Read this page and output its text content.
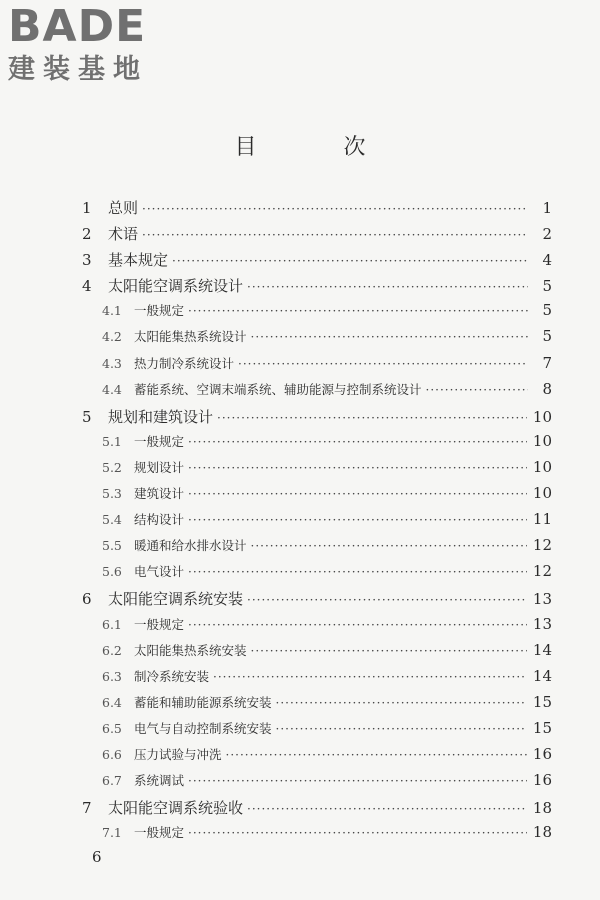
BADE
建装基地
目 次
1	总则 ·····	1
2	术语 ·····	2
3	基本规定 ·····	4
4	太阳能空调系统设计 ·····	5
4.1 一般规定 ·····	5
4.2 太阳能集热系统设计 ·····	5
4.3 热力制冷系统设计 ·····	7
4.4 蓄能系统、空调末端系统、辅助能源与控制系统设计 ·····	8
5	规划和建筑设计 ·····	10
5.1 一般规定 ·····	10
5.2 规划设计 ·····	10
5.3 建筑设计 ·····	10
5.4 结构设计 ·····	11
5.5 暖通和给水排水设计 ·····	12
5.6 电气设计 ·····	12
6	太阳能空调系统安装 ·····	13
6.1 一般规定 ·····	13
6.2 太阳能集热系统安装 ·····	14
6.3 制冷系统安装 ·····	14
6.4 蓄能和辅助能源系统安装 ·····	15
6.5 电气与自动控制系统安装 ·····	15
6.6 压力试验与冲洗 ·····	16
6.7 系统调试 ·····	16
7	太阳能空调系统验收 ·····	18
7.1 一般规定 ·····	18
6
